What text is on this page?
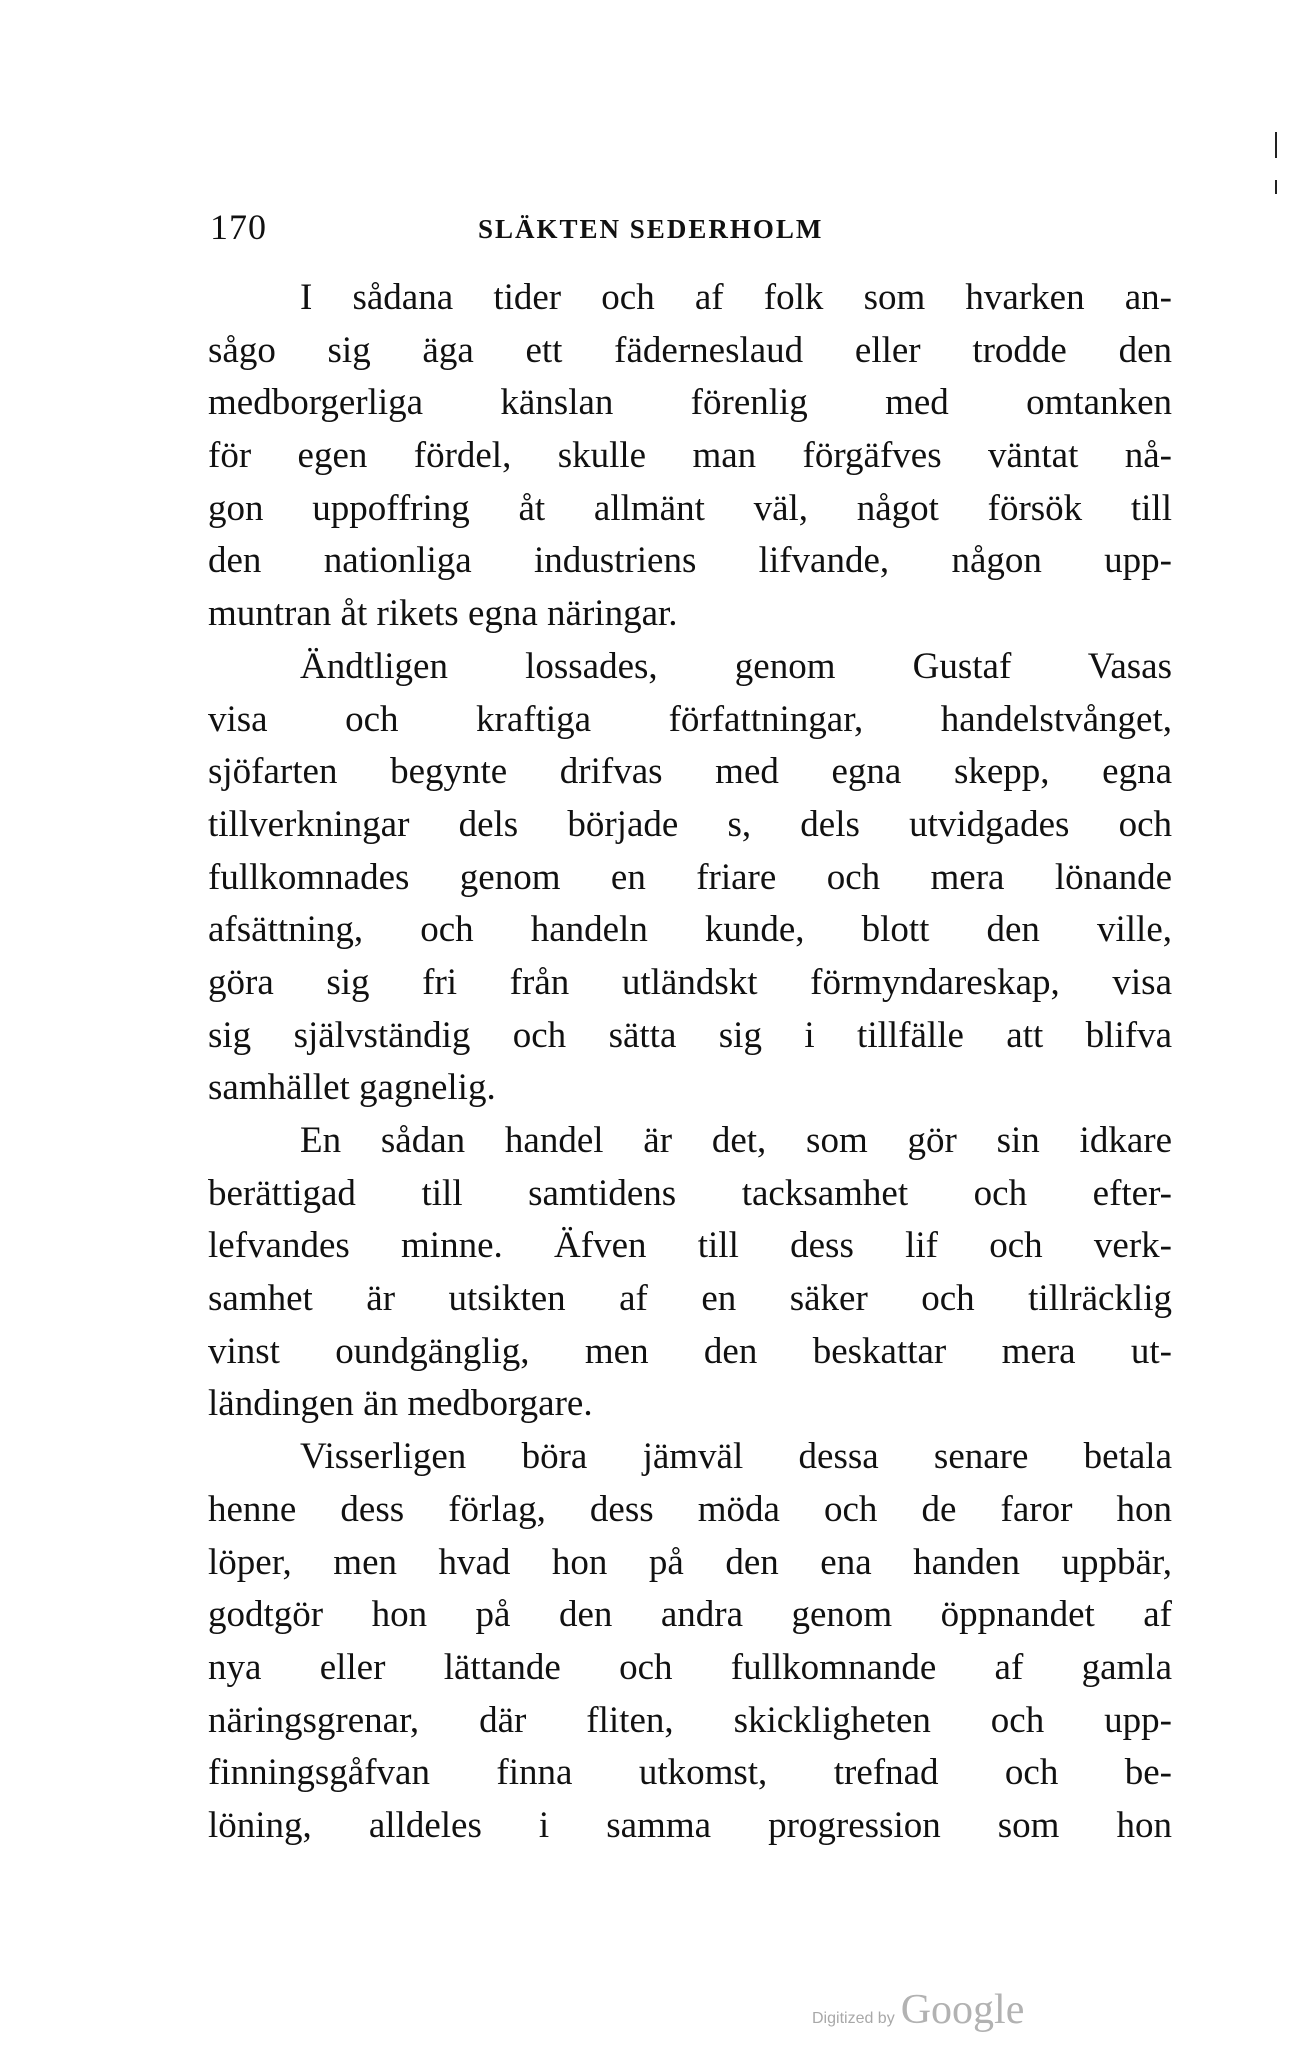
170	SLÄKTEN SEDERHOLM
I sådana tider och af folk som hvarken an-
sågo sig äga ett fäderneslaud eller trodde den
medborgerliga känslan förenlig med omtanken
för egen fördel, skulle man förgäfves väntat nå-
gon uppoffring åt allmänt väl, något försök till
den nationliga industriens lifvande, någon upp-
muntran åt rikets egna näringar.
Ändtligen lossades, genom Gustaf Vasas
visa och kraftiga författningar, handelstvånget,
sjöfarten begynte drifvas med egna skepp, egna
tillverkningar dels började s, dels utvidgades och
fullkomnades genom en friare och mera lönande
afsättning, och handeln kunde, blott den ville,
göra sig fri från utländskt förmyndareskap, visa
sig självständig och sätta sig i tillfälle att blifva
samhället gagnelig.
En sådan handel är det, som gör sin idkare
berättigad till samtidens tacksamhet och efter-
lefvandes minne. Äfven till dess lif och verk-
samhet är utsikten af en säker och tillräcklig
vinst oundgänglig, men den beskattar mera ut-
ländingen än medborgare.
Visserligen böra jämväl dessa senare betala
henne dess förlag, dess möda och de faror hon
löper, men hvad hon på den ena handen uppbär,
godtgör hon på den andra genom öppnandet af
nya eller lättande och fullkomnande af gamla
näringsgrenar, där fliten, skickligheten och upp-
finningsgåfvan finna utkomst, trefnad och be-
löning, alldeles i samma progression som hon
Digitized by Google
